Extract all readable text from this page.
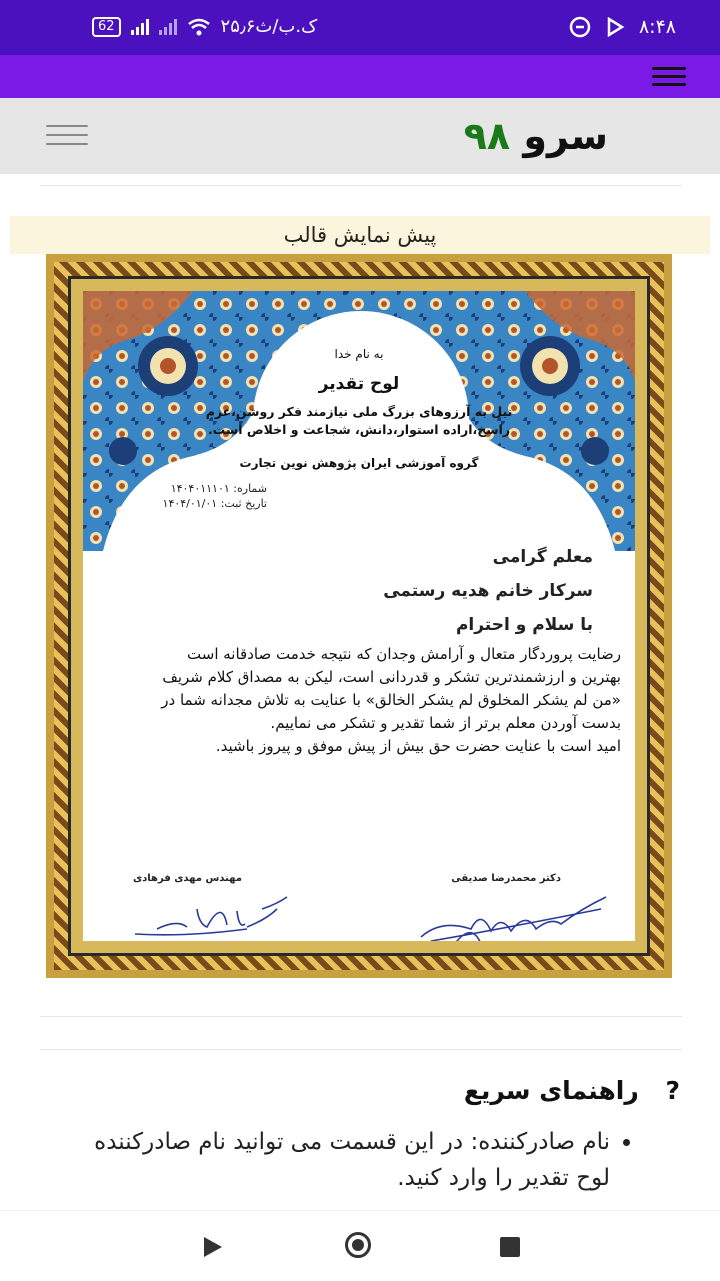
62	۲۵٫۶ک.ب/ث	۸:۴۸
سرو ۹۸
پیش نمایش قالب
به نام خدا
لوح تقدیر
نیل به آرزوهای بزرگ ملی نیازمند فکر روشن،عزم
راسخ،اراده استوار،دانش، شجاعت و اخلاص است.
گروه آموزشی ایران پژوهش نوین تجارت
شماره: ۱۴۰۴۰۱۱۱۰۱
تاریخ ثبت: ۱۴۰۴/۰۱/۰۱
معلم گرامی
سرکار خانم هدیه رستمی
با سلام و احترام
رضایت پروردگار متعال و آرامش وجدان که نتیجه خدمت صادقانه است
بهترین و ارزشمندترین تشکر و قدردانی است، لیکن به مصداق کلام شریف
«من لم یشکر المخلوق لم یشکر الخالق» با عنایت به تلاش مجدانه شما در
بدست آوردن معلم برتر از شما تقدیر و تشکر می نماییم.
امید است با عنایت حضرت حق بیش از پیش موفق و پیروز باشید.
دکتر محمدرضا صدیقی
مهندس مهدی فرهادی
? راهنمای سریع
• نام صادرکننده: در این قسمت می توانید نام صادرکننده لوح تقدیر را وارد کنید.
